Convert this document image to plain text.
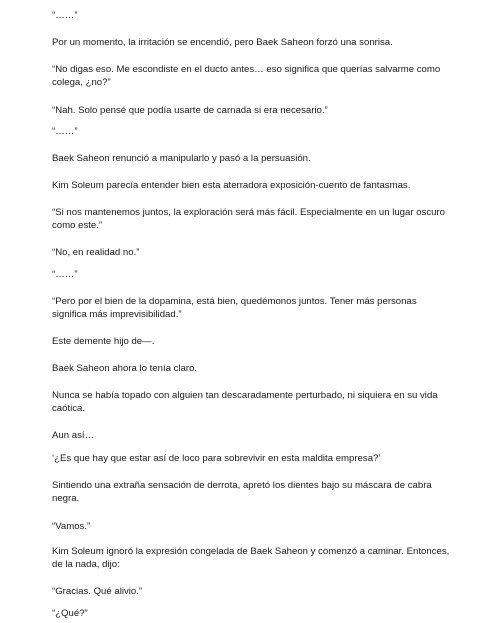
“……”

Por un momento, la irritación se encendió, pero Baek Saheon forzó una sonrisa.

“No digas eso. Me escondiste en el ducto antes… eso significa que querías salvarme como colega, ¿no?”

“Nah. Solo pensé que podía usarte de carnada si era necesario.”

“……”

Baek Saheon renunció a manipularlo y pasó a la persuasión.

Kim Soleum parecía entender bien esta aterradora exposición-cuento de fantasmas.

“Si nos mantenemos juntos, la exploración será más fácil. Especialmente en un lugar oscuro como este.”

“No, en realidad no.”

“……”

“Pero por el bien de la dopamina, está bien, quedémonos juntos. Tener más personas significa más imprevisibilidad.”

Este demente hijo de—.

Baek Saheon ahora lo tenía claro.

Nunca se había topado con alguien tan descaradamente perturbado, ni siquiera en su vida caótica.

Aun así…

‘¿Es que hay que estar así de loco para sobrevivir en esta maldita empresa?’

Sintiendo una extraña sensación de derrota, apretó los dientes bajo su máscara de cabra negra.

“Vamos.”

Kim Soleum ignoró la expresión congelada de Baek Saheon y comenzó a caminar. Entonces, de la nada, dijo:

“Gracias. Qué alivio.”

“¿Qué?”
